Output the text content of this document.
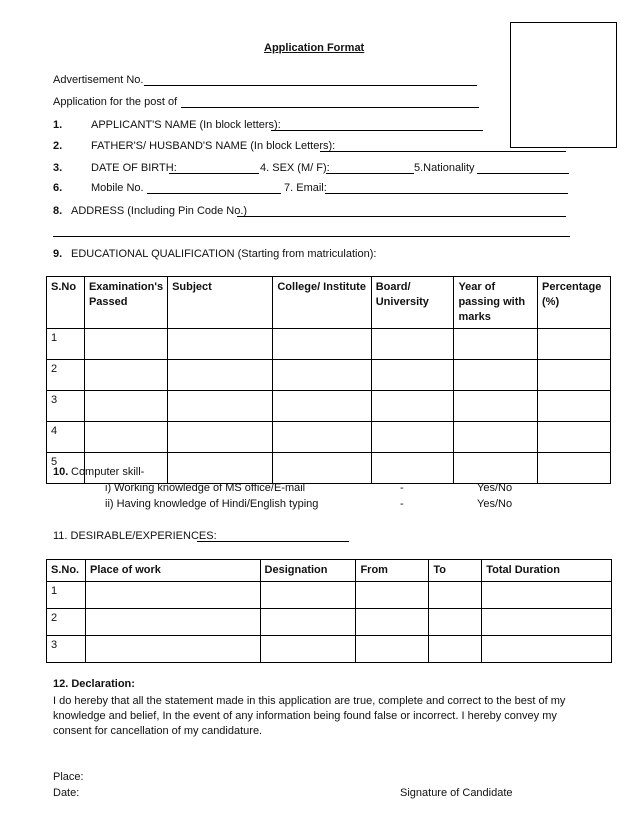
Application Format
Advertisement No.
Application for the post of
1.	APPLICANT'S NAME (In block letters):
2.	FATHER'S/ HUSBAND'S NAME (In block Letters):
3.	DATE OF BIRTH:	4. SEX (M/ F):	5.Nationality
6.	Mobile No.	7. Email:
8. ADDRESS (Including Pin Code No.)
9. EDUCATIONAL QUALIFICATION (Starting from matriculation):
S.No	Examination's Passed	Subject	College/ Institute	Board/ University	Year of passing with marks	Percentage (%)
1						
2						
3						
4						
5						
10. Computer skill-
i) Working knowledge of MS office/E-mail	-	Yes/No
ii) Having knowledge of Hindi/English typing	-	Yes/No
11. DESIRABLE/EXPERIENCES:
S.No.	Place of work	Designation	From	To	Total Duration
1					
2					
3					
12. Declaration:
I do hereby that all the statement made in this application are true, complete and correct to the best of my knowledge and belief, In the event of any information being found false or incorrect. I hereby convey my consent for cancellation of my candidature.
Place:
Date:	Signature of Candidate
